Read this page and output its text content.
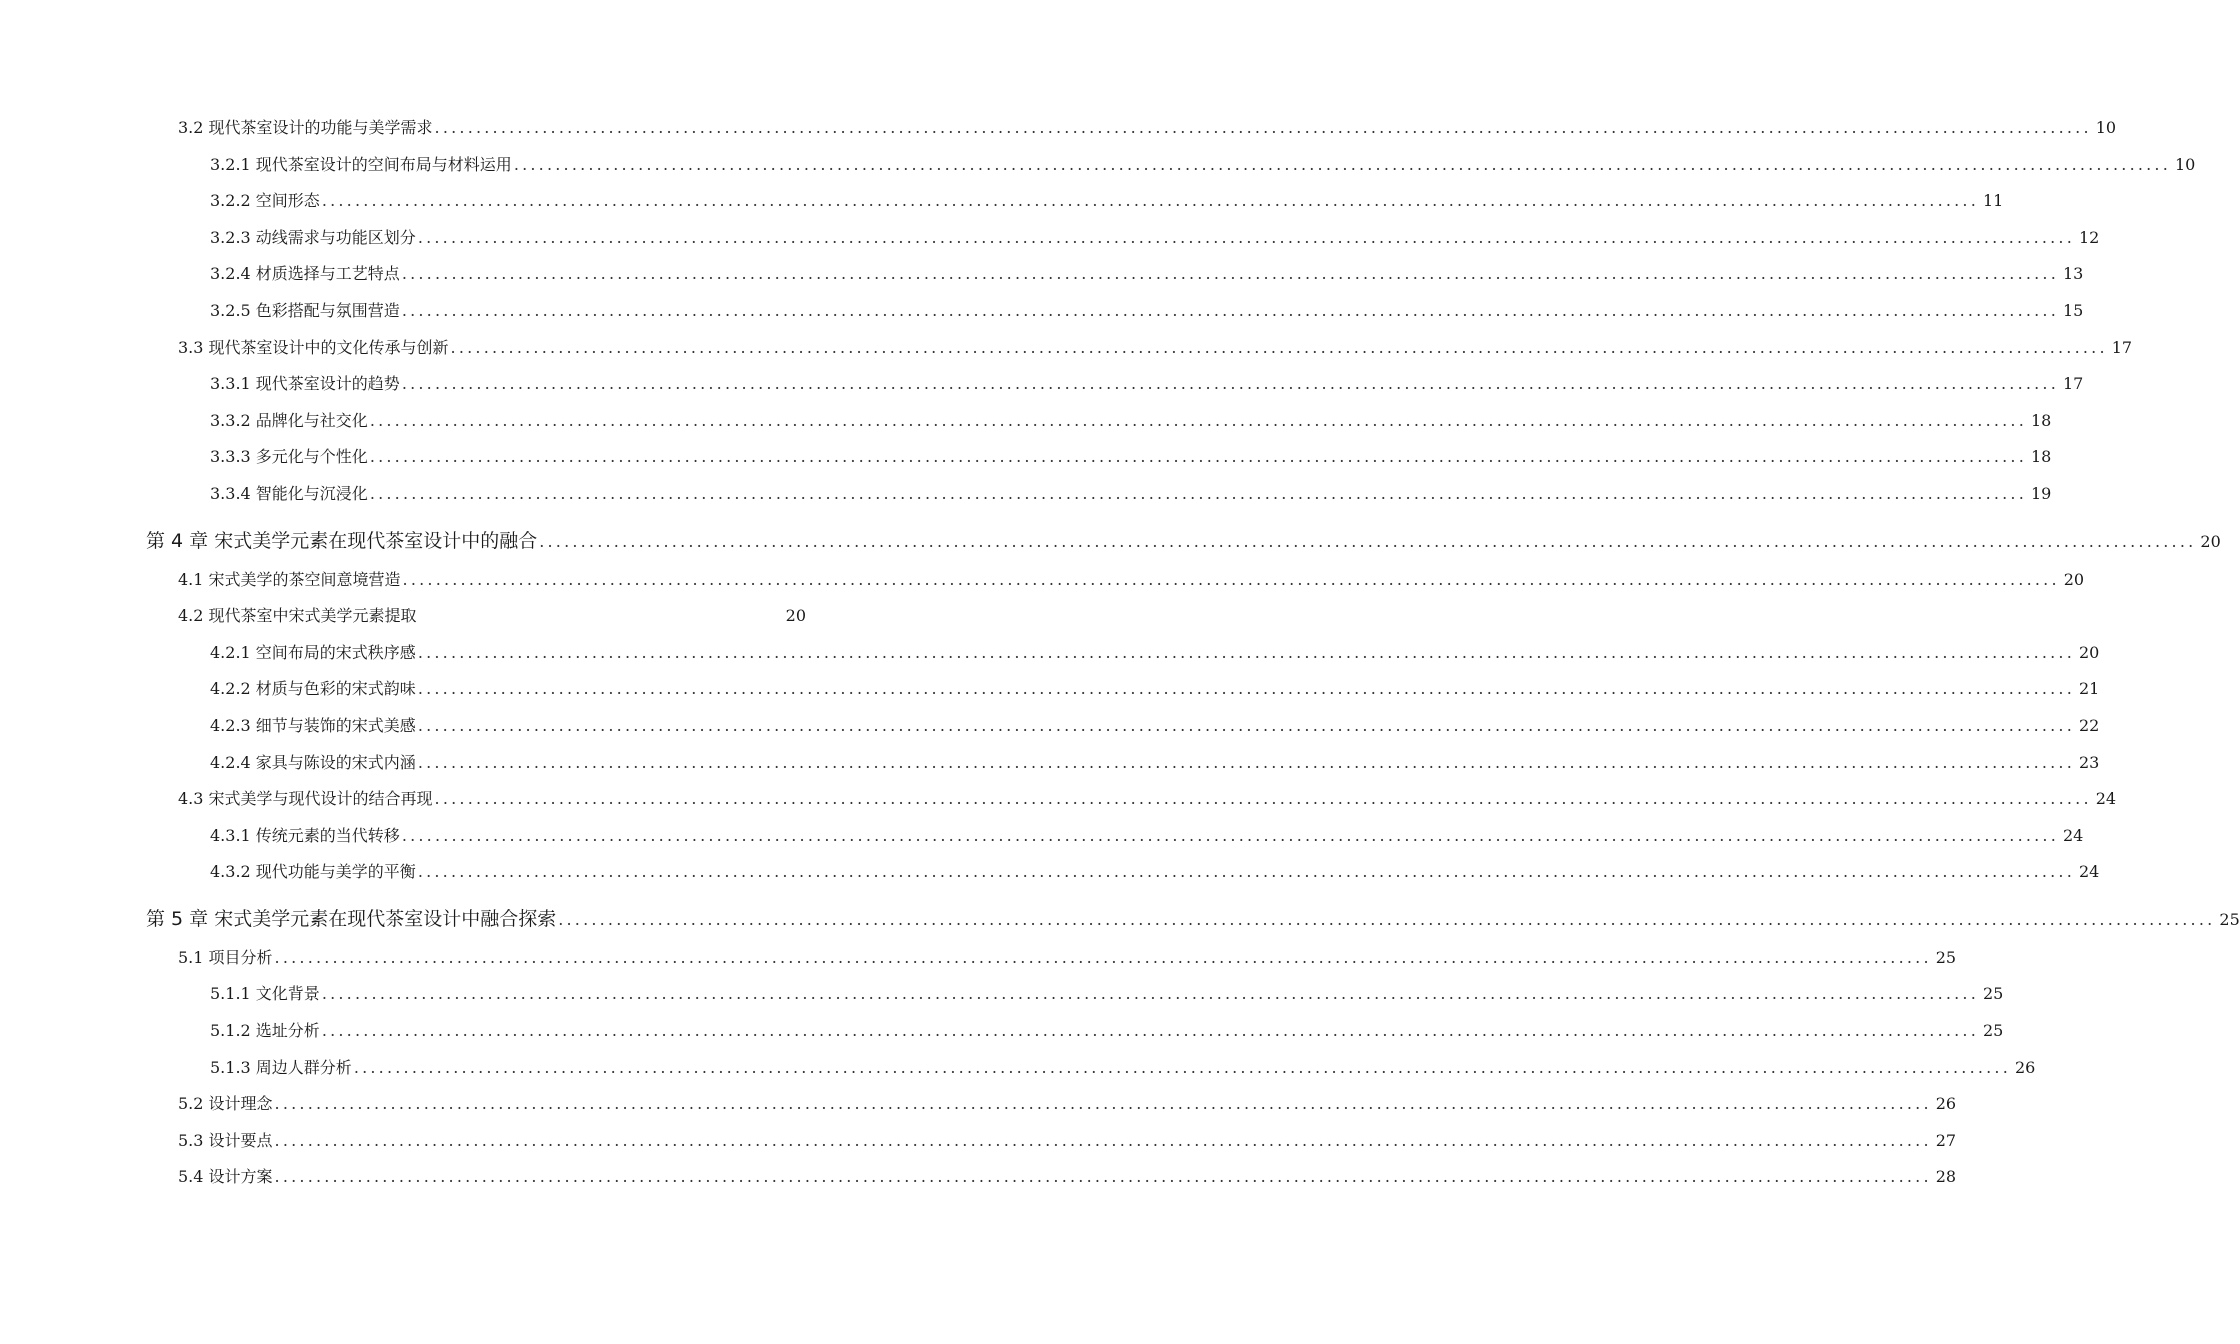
3.2 现代茶室设计的功能与美学需求 ........................................................................................................................................................................................................ 10
3.2.1 现代茶室设计的空间布局与材料运用 ........................................................................................................................................................................................................ 10
3.2.2 空间形态 ........................................................................................................................................................................................................ 11
3.2.3 动线需求与功能区划分 ........................................................................................................................................................................................................ 12
3.2.4 材质选择与工艺特点 ........................................................................................................................................................................................................ 13
3.2.5 色彩搭配与氛围营造 ........................................................................................................................................................................................................ 15
3.3 现代茶室设计中的文化传承与创新 ........................................................................................................................................................................................................ 17
3.3.1 现代茶室设计的趋势 ........................................................................................................................................................................................................ 17
3.3.2 品牌化与社交化 ........................................................................................................................................................................................................ 18
3.3.3 多元化与个性化 ........................................................................................................................................................................................................ 18
3.3.4 智能化与沉浸化 ........................................................................................................................................................................................................ 19
第 4 章 宋式美学元素在现代茶室设计中的融合 ........................................................................................................................................................................................................ 20
4.1 宋式美学的茶空间意境营造 ........................................................................................................................................................................................................ 20
4.2 现代茶室中宋式美学元素提取	20
4.2.1 空间布局的宋式秩序感 ........................................................................................................................................................................................................ 20
4.2.2 材质与色彩的宋式韵味 ........................................................................................................................................................................................................ 21
4.2.3 细节与装饰的宋式美感 ........................................................................................................................................................................................................ 22
4.2.4 家具与陈设的宋式内涵 ........................................................................................................................................................................................................ 23
4.3 宋式美学与现代设计的结合再现 ........................................................................................................................................................................................................ 24
4.3.1 传统元素的当代转移 ........................................................................................................................................................................................................ 24
4.3.2 现代功能与美学的平衡 ........................................................................................................................................................................................................ 24
第 5 章 宋式美学元素在现代茶室设计中融合探索 ........................................................................................................................................................................................................ 25
5.1 项目分析 ........................................................................................................................................................................................................ 25
5.1.1 文化背景 ........................................................................................................................................................................................................ 25
5.1.2 选址分析 ........................................................................................................................................................................................................ 25
5.1.3 周边人群分析 ........................................................................................................................................................................................................ 26
5.2 设计理念 ........................................................................................................................................................................................................ 26
5.3 设计要点 ........................................................................................................................................................................................................ 27
5.4 设计方案 ........................................................................................................................................................................................................ 28
